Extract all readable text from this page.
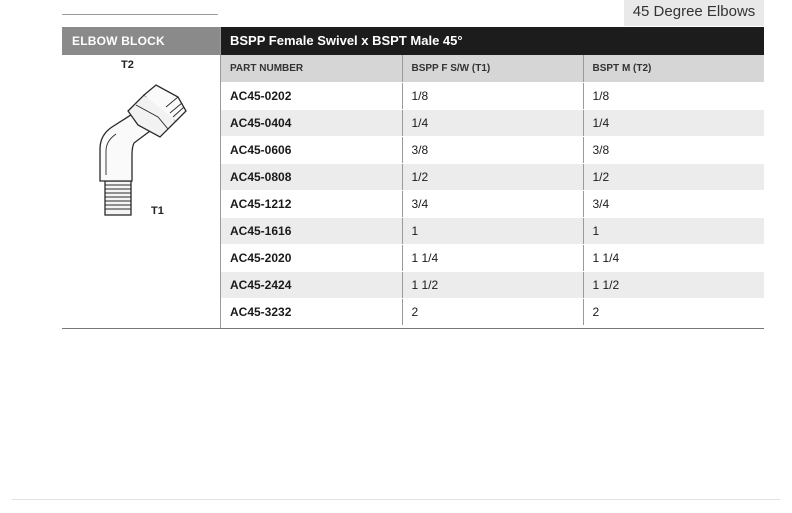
45 Degree Elbows
ELBOW BLOCK
T2
T1
BSPP Female Swivel x BSPT Male 45°
PART NUMBER	BSPP F S/W (T1)	BSPT M (T2)
AC45-0202	1/8	1/8
AC45-0404	1/4	1/4
AC45-0606	3/8	3/8
AC45-0808	1/2	1/2
AC45-1212	3/4	3/4
AC45-1616	1	1
AC45-2020	1 1/4	1 1/4
AC45-2424	1 1/2	1 1/2
AC45-3232	2	2
